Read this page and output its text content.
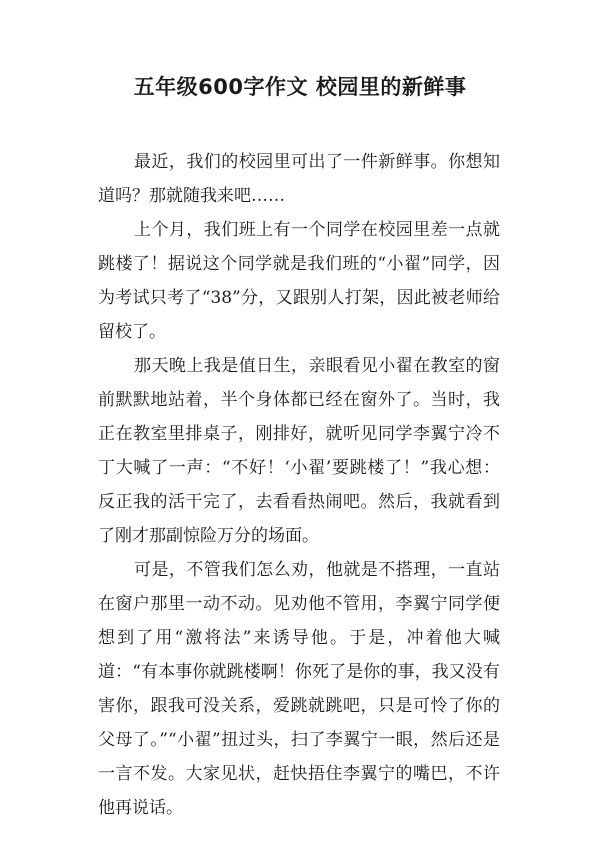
五年级600字作文 校园里的新鲜事

最近，我们的校园里可出了一件新鲜事。你想知道吗？那就随我来吧……

上个月，我们班上有一个同学在校园里差一点就跳楼了！据说这个同学就是我们班的“小翟”同学，因为考试只考了“38”分，又跟别人打架，因此被老师给留校了。

那天晚上我是值日生，亲眼看见小翟在教室的窗前默默地站着，半个身体都已经在窗外了。当时，我正在教室里排桌子，刚排好，就听见同学李翼宁冷不丁大喊了一声：“不好！‘小翟’要跳楼了！”我心想：反正我的活干完了，去看看热闹吧。然后，我就看到了刚才那副惊险万分的场面。

可是，不管我们怎么劝，他就是不搭理，一直站在窗户那里一动不动。见劝他不管用，李翼宁同学便想到了用“激将法”来诱导他。于是，冲着他大喊道：“有本事你就跳楼啊！你死了是你的事，我又没有害你，跟我可没关系，爱跳就跳吧，只是可怜了你的父母了。”“小翟”扭过头，扫了李翼宁一眼，然后还是一言不发。大家见状，赶快捂住李翼宁的嘴巴，不许他再说话。
